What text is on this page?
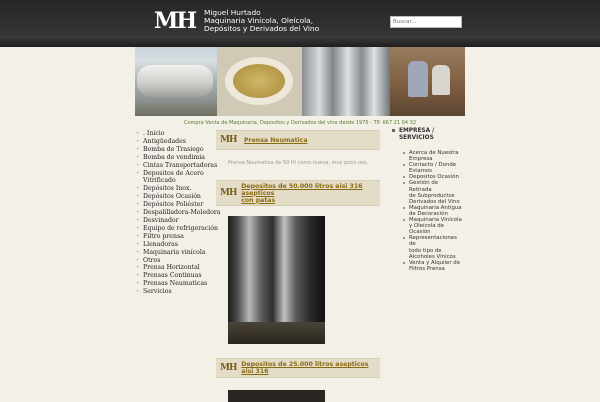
MH	Miguel Hurtado
Maquinaria Vinícola, Oleícola,
Depósitos y Derivados del Vino
Buscar...
Compra Venta de Maquinaria, Depositos y Derivados del vino desde 1975 - Tlf. 667 21 04 32
» . Inicio
» Antigüedades
» Bomba de Trasiego
» Bomba de vendimia
» Cintas Transportadoras
» Depositos de Acero
Vitrificado
» Depósitos Inox.
» Depósitos Ocasión
» Depósitos Poliéster
» Despalilladora-Moledora
» Desvinador
» Equipo de refrigeración
» Filtro prensa
» Llenadoras
» Maquinaria vinícola
» Otros
» Prensa Horizontal
» Prensas Continuas
» Prensas Neumaticas
» Servicios
MH	Prensa Neumatica
Prensa Neumatica de 50 Hl como nueva, muy poco uso.
MH
Depositos de 50.000 litros aisi 316 asepticos
con patas
MH Depositos de 25.000 litros asepticos aisi 316
EMPRESA /
SERVICIOS
Acerca de Nuestra
Empresa
Contacto / Donde
Estamos
Depositos Ocasión
Gestión de Retirada
de Subproductos
Derivados del Vino
Maquinaria Antigua
de Decoración
Maquinaria Vinícola
y Oleícola de
Ocasión
Representaciones de
todo tipo de
Alcoholes Vínicos
Venta y Alquiler de
Filtros Prensa
